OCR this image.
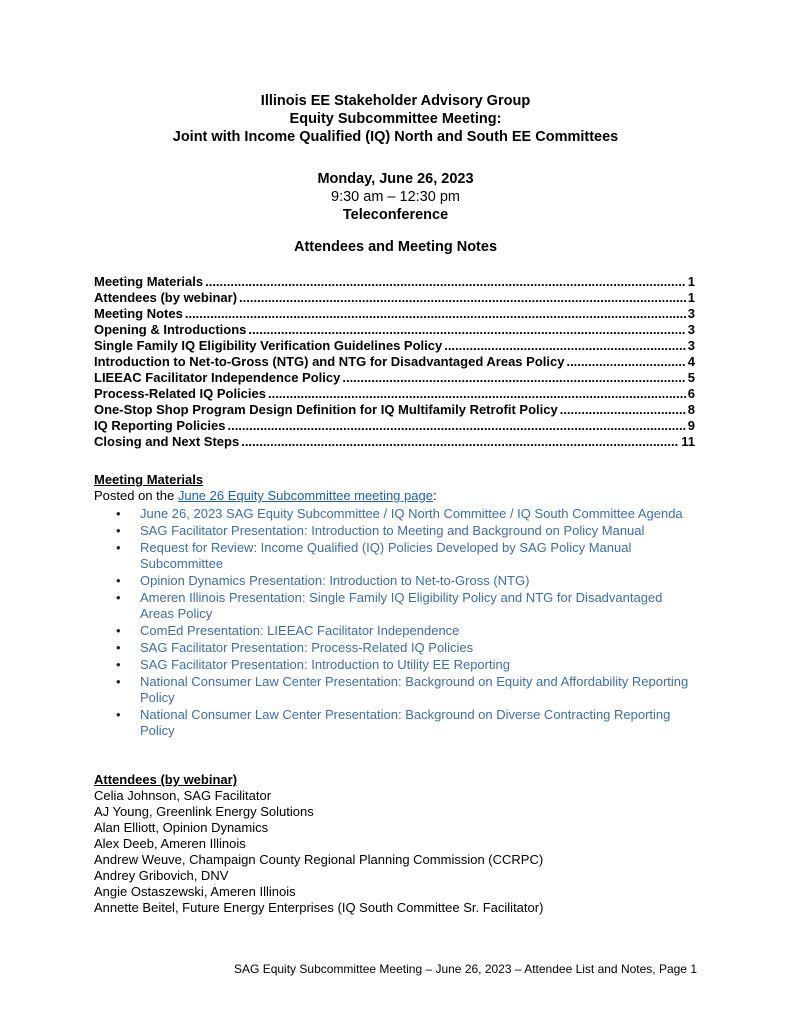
Illinois EE Stakeholder Advisory Group
Equity Subcommittee Meeting:
Joint with Income Qualified (IQ) North and South EE Committees
Monday, June 26, 2023
9:30 am – 12:30 pm
Teleconference
Attendees and Meeting Notes
Meeting Materials .....	1
Attendees (by webinar) .....	1
Meeting Notes .....	3
Opening & Introductions .....	3
Single Family IQ Eligibility Verification Guidelines Policy .....	3
Introduction to Net-to-Gross (NTG) and NTG for Disadvantaged Areas Policy .....	4
LIEEAC Facilitator Independence Policy .....	5
Process-Related IQ Policies .....	6
One-Stop Shop Program Design Definition for IQ Multifamily Retrofit Policy .....	8
IQ Reporting Policies .....	9
Closing and Next Steps .....	11
Meeting Materials
Posted on the June 26 Equity Subcommittee meeting page:
• June 26, 2023 SAG Equity Subcommittee / IQ North Committee / IQ South Committee Agenda
• SAG Facilitator Presentation: Introduction to Meeting and Background on Policy Manual
• Request for Review: Income Qualified (IQ) Policies Developed by SAG Policy Manual Subcommittee
• Opinion Dynamics Presentation: Introduction to Net-to-Gross (NTG)
• Ameren Illinois Presentation: Single Family IQ Eligibility Policy and NTG for Disadvantaged Areas Policy
• ComEd Presentation: LIEEAC Facilitator Independence
• SAG Facilitator Presentation: Process-Related IQ Policies
• SAG Facilitator Presentation: Introduction to Utility EE Reporting
• National Consumer Law Center Presentation: Background on Equity and Affordability Reporting Policy
• National Consumer Law Center Presentation: Background on Diverse Contracting Reporting Policy
Attendees (by webinar)
Celia Johnson, SAG Facilitator
AJ Young, Greenlink Energy Solutions
Alan Elliott, Opinion Dynamics
Alex Deeb, Ameren Illinois
Andrew Weuve, Champaign County Regional Planning Commission (CCRPC)
Andrey Gribovich, DNV
Angie Ostaszewski, Ameren Illinois
Annette Beitel, Future Energy Enterprises (IQ South Committee Sr. Facilitator)
SAG Equity Subcommittee Meeting – June 26, 2023 – Attendee List and Notes, Page 1
